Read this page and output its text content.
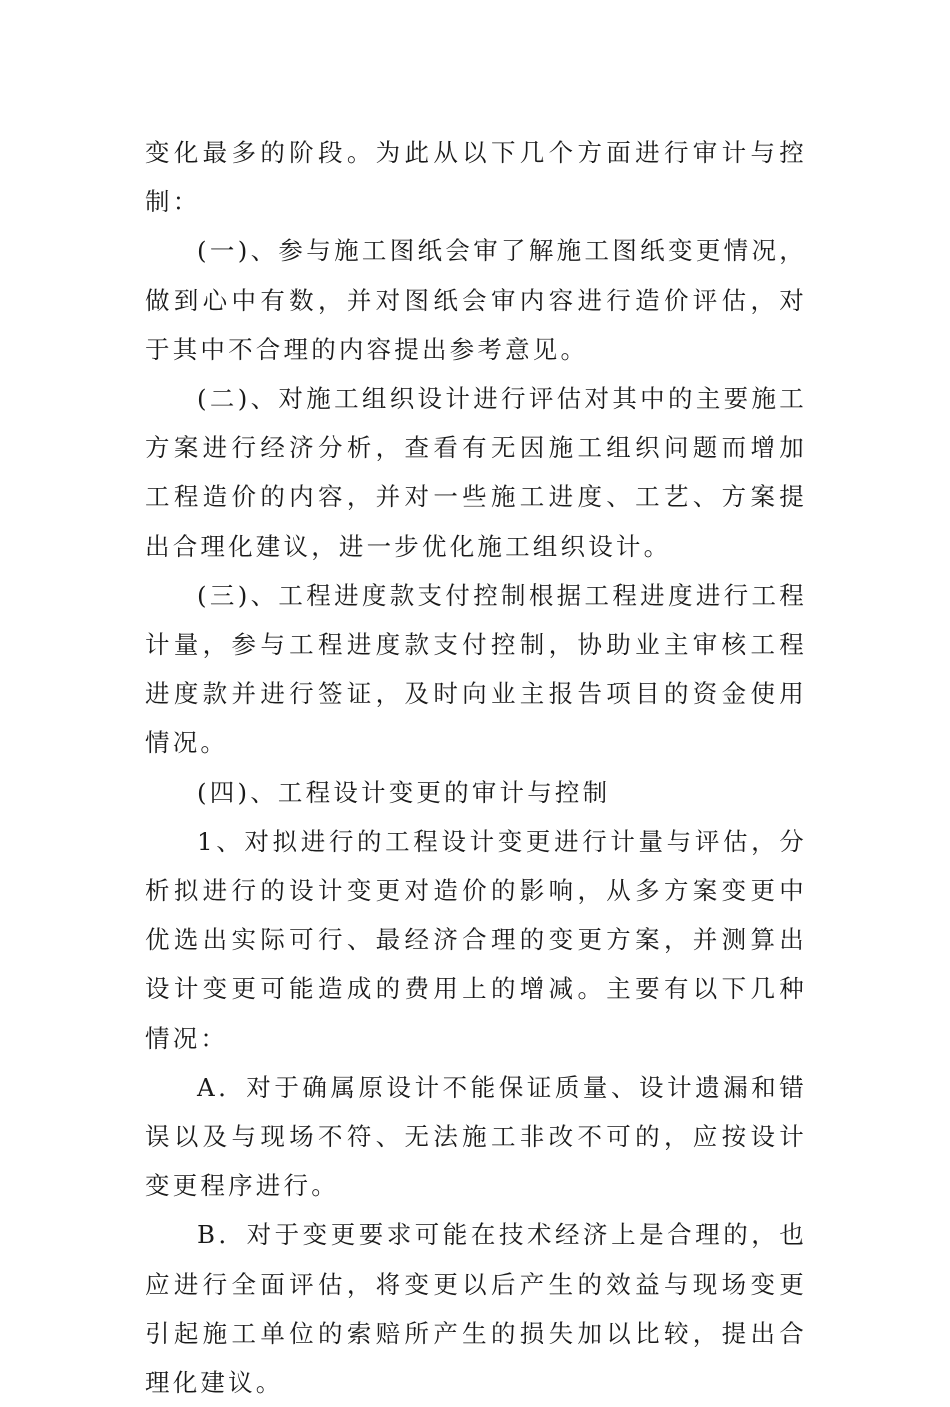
变化最多的阶段。为此从以下几个方面进行审计与控制：

(一)、参与施工图纸会审了解施工图纸变更情况，做到心中有数，并对图纸会审内容进行造价评估，对于其中不合理的内容提出参考意见。

(二)、对施工组织设计进行评估对其中的主要施工方案进行经济分析，查看有无因施工组织问题而增加工程造价的内容，并对一些施工进度、工艺、方案提出合理化建议，进一步优化施工组织设计。

(三)、工程进度款支付控制根据工程进度进行工程计量，参与工程进度款支付控制，协助业主审核工程进度款并进行签证，及时向业主报告项目的资金使用情况。

(四)、工程设计变更的审计与控制

1、对拟进行的工程设计变更进行计量与评估，分析拟进行的设计变更对造价的影响，从多方案变更中优选出实际可行、最经济合理的变更方案，并测算出设计变更可能造成的费用上的增减。主要有以下几种情况：

A．对于确属原设计不能保证质量、设计遗漏和错误以及与现场不符、无法施工非改不可的，应按设计变更程序进行。

B．对于变更要求可能在技术经济上是合理的，也应进行全面评估，将变更以后产生的效益与现场变更引起施工单位的索赔所产生的损失加以比较，提出合理化建议。
